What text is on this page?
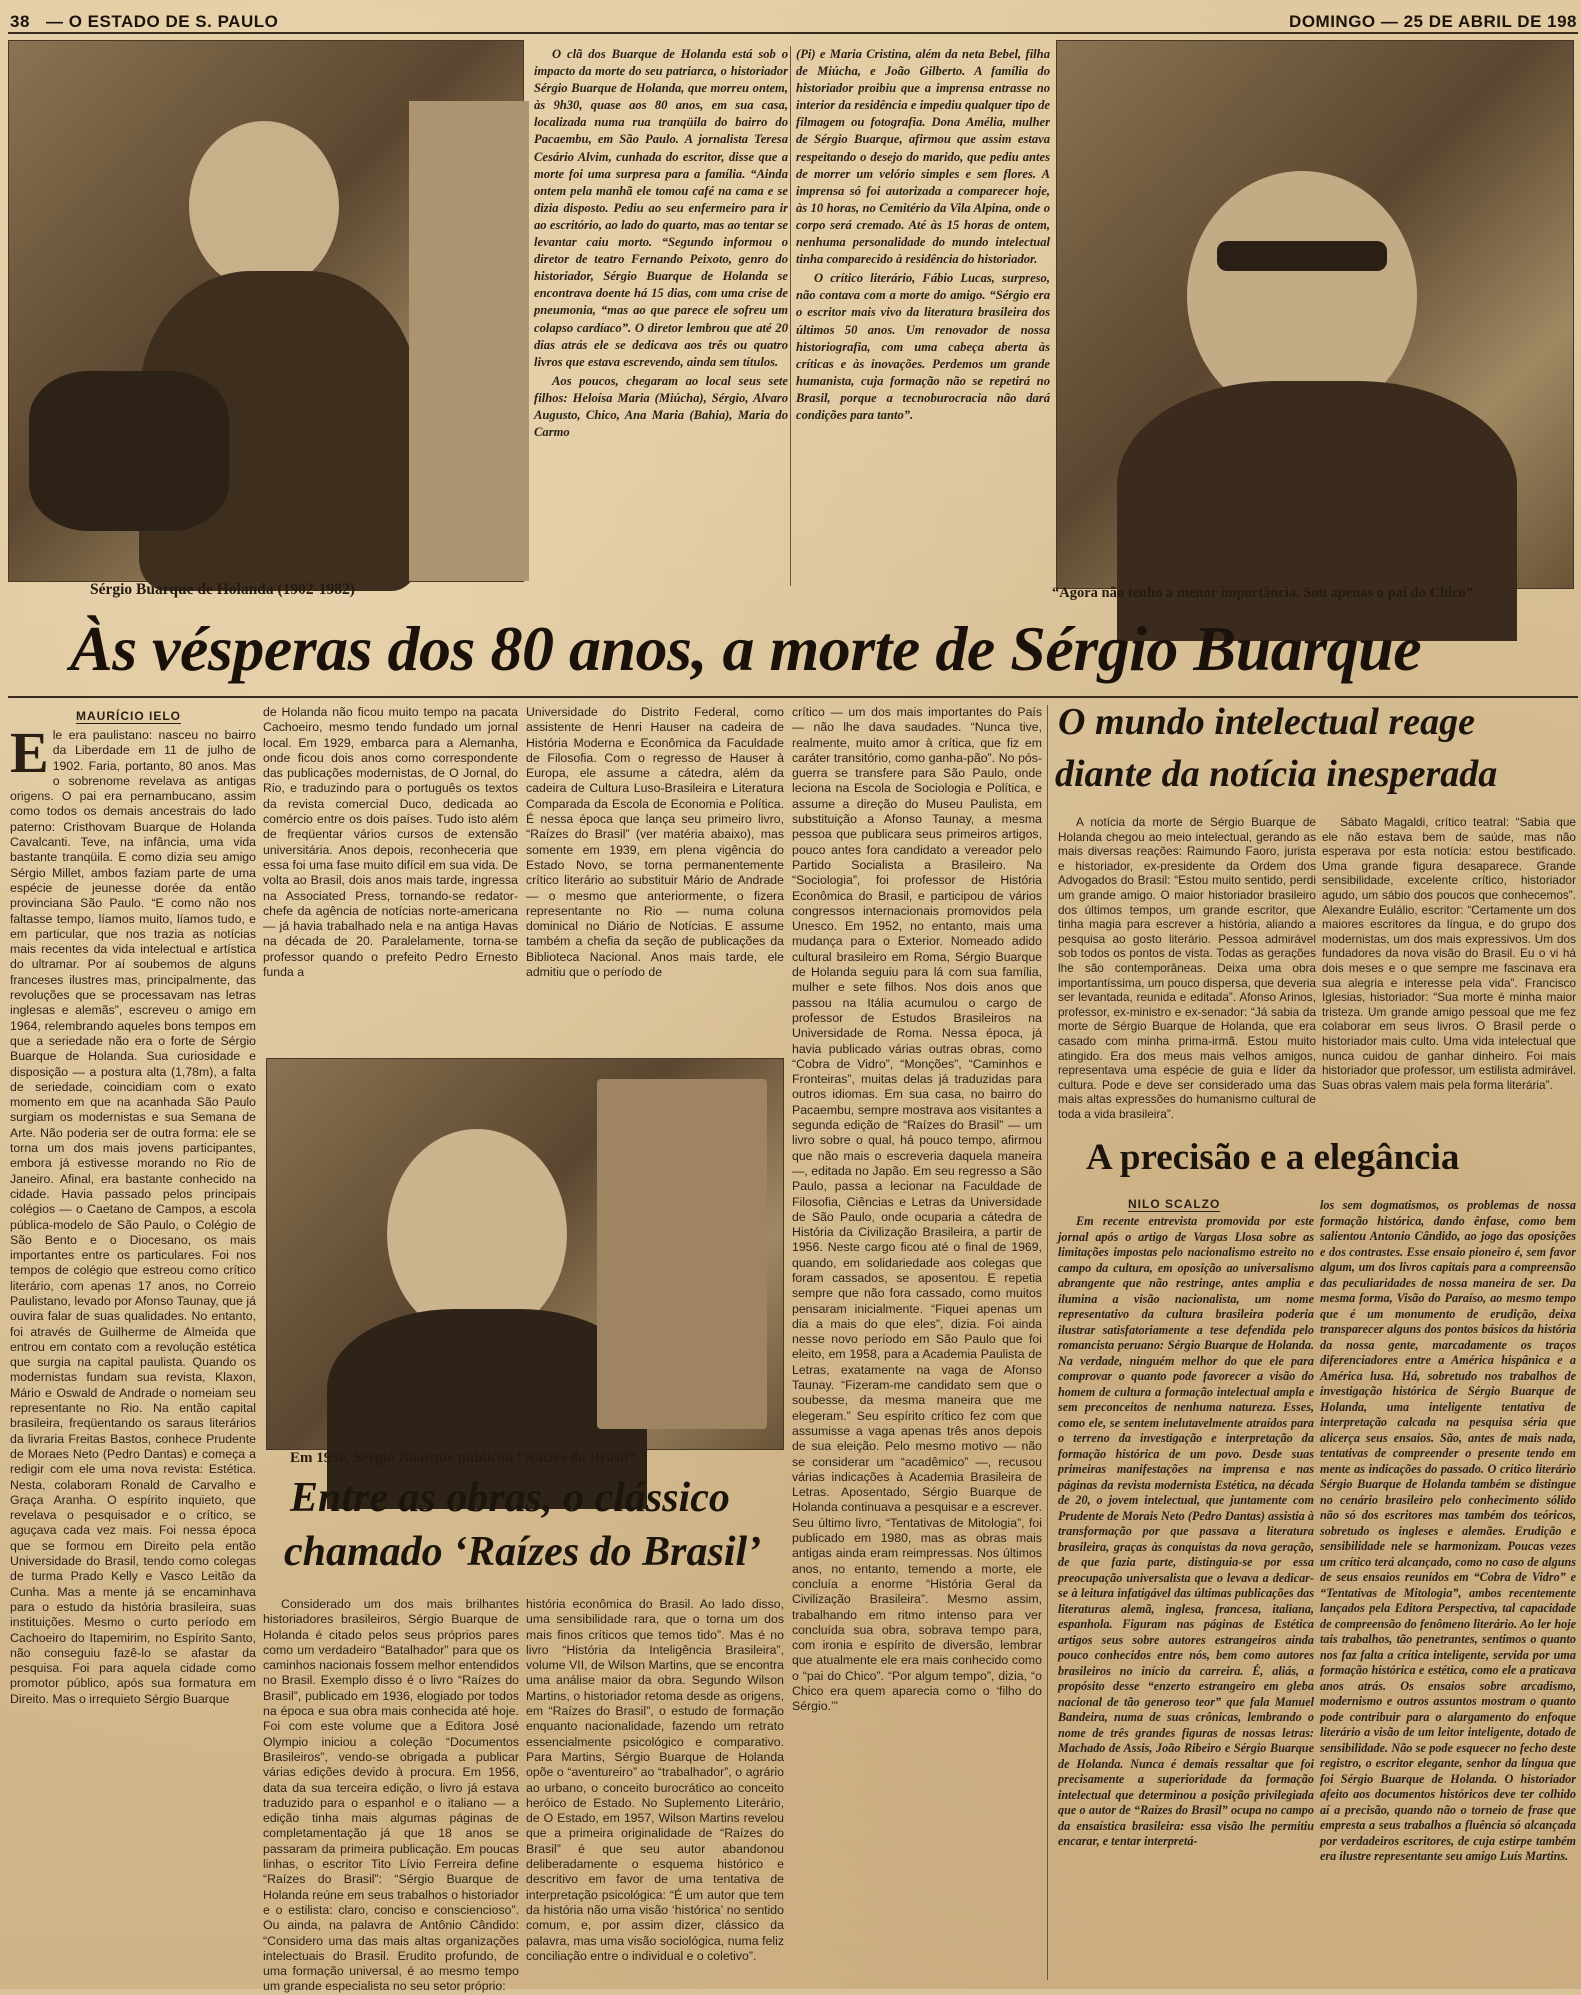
38 — O ESTADO DE S. PAULO	DOMINGO — 25 DE ABRIL DE 198
Sérgio Buarque de Holanda (1902-1982)

O clã dos Buarque de Holanda está sob o impacto da morte do seu patriarca, o historiador Sérgio Buarque de Holanda, que morreu ontem, às 9h30, quase aos 80 anos, em sua casa, localizada numa rua tranqüila do bairro do Pacaembu, em São Paulo. A jornalista Teresa Cesário Alvim, cunhada do escritor, disse que a morte foi uma surpresa para a família. “Ainda ontem pela manhã ele tomou café na cama e se dizia disposto. Pediu ao seu enfermeiro para ir ao escritório, ao lado do quarto, mas ao tentar se levantar caiu morto. “Segundo informou o diretor de teatro Fernando Peixoto, genro do historiador, Sérgio Buarque de Holanda se encontrava doente há 15 dias, com uma crise de pneumonia, “mas ao que parece ele sofreu um colapso cardíaco”. O diretor lembrou que até 20 dias atrás ele se dedicava aos três ou quatro livros que estava escrevendo, ainda sem títulos.

Aos poucos, chegaram ao local seus sete filhos: Heloísa Maria (Miúcha), Sérgio, Alvaro Augusto, Chico, Ana Maria (Bahia), Maria do Carmo

(Pi) e Maria Cristina, além da neta Bebel, filha de Miúcha, e João Gilberto. A família do historiador proibiu que a imprensa entrasse no interior da residência e impediu qualquer tipo de filmagem ou fotografia. Dona Amélia, mulher de Sérgio Buarque, afirmou que assim estava respeitando o desejo do marido, que pediu antes de morrer um velório simples e sem flores. A imprensa só foi autorizada a comparecer hoje, às 10 horas, no Cemitério da Vila Alpina, onde o corpo será cremado. Até às 15 horas de ontem, nenhuma personalidade do mundo intelectual tinha comparecido à residência do historiador.

O crítico literário, Fábio Lucas, surpreso, não contava com a morte do amigo. “Sérgio era o escritor mais vivo da literatura brasileira dos últimos 50 anos. Um renovador de nossa historiografia, com uma cabeça aberta às críticas e às inovações. Perdemos um grande humanista, cuja formação não se repetirá no Brasil, porque a tecnoburocracia não dará condições para tanto”.

“Agora não tenho a menor importância. Sou apenas o pai do Chico”
Às vésperas dos 80 anos, a morte de Sérgio Buarque
MAURÍCIO IELO
E le era paulistano: nasceu no bairro da Liberdade em 11 de julho de 1902. Faria, portanto, 80 anos. Mas o sobrenome revelava as antigas origens. O pai era pernambucano, assim como todos os demais ancestrais do lado paterno: Cristhovam Buarque de Holanda Cavalcanti. Teve, na infância, uma vida bastante tranqüila. E como dizia seu amigo Sérgio Millet, ambos faziam parte de uma espécie de jeunesse dorée da então provinciana São Paulo. “E como não nos faltasse tempo, líamos muito, líamos tudo, e em particular, que nos trazia as notícias mais recentes da vida intelectual e artística do ultramar. Por aí soubemos de alguns franceses ilustres mas, principalmente, das revoluções que se processavam nas letras inglesas e alemãs”, escreveu o amigo em 1964, relembrando aqueles bons tempos em que a seriedade não era o forte de Sérgio Buarque de Holanda. Sua curiosidade e disposição — a postura alta (1,78m), a falta de seriedade, coincidiam com o exato momento em que na acanhada São Paulo surgiam os modernistas e sua Semana de Arte. Não poderia ser de outra forma: ele se torna um dos mais jovens participantes, embora já estivesse morando no Rio de Janeiro. Afinal, era bastante conhecido na cidade. Havia passado pelos principais colégios — o Caetano de Campos, a escola pública-modelo de São Paulo, o Colégio de São Bento e o Diocesano, os mais importantes entre os particulares. Foi nos tempos de colégio que estreou como crítico literário, com apenas 17 anos, no Correio Paulistano, levado por Afonso Taunay, que já ouvira falar de suas qualidades. No entanto, foi através de Guilherme de Almeida que entrou em contato com a revolução estética que surgia na capital paulista. Quando os modernistas fundam sua revista, Klaxon, Mário e Oswald de Andrade o nomeiam seu representante no Rio. Na então capital brasileira, freqüentando os saraus literários da livraria Freitas Bastos, conhece Prudente de Moraes Neto (Pedro Dantas) e começa a redigir com ele uma nova revista: Estética. Nesta, colaboram Ronald de Carvalho e Graça Aranha. O espírito inquieto, que revelava o pesquisador e o crítico, se aguçava cada vez mais. Foi nessa época que se formou em Direito pela então Universidade do Brasil, tendo como colegas de turma Prado Kelly e Vasco Leitão da Cunha. Mas a mente já se encaminhava para o estudo da história brasileira, suas instituições. Mesmo o curto período em Cachoeiro do Itapemirim, no Espírito Santo, não conseguiu fazê-lo se afastar da pesquisa. Foi para aquela cidade como promotor público, após sua formatura em Direito. Mas o irrequieto Sérgio Buarque

de Holanda não ficou muito tempo na pacata Cachoeiro, mesmo tendo fundado um jornal local. Em 1929, embarca para a Alemanha, onde ficou dois anos como correspondente das publicações modernistas, de O Jornal, do Rio, e traduzindo para o português os textos da revista comercial Duco, dedicada ao comércio entre os dois países. Tudo isto além de freqüentar vários cursos de extensão universitária. Anos depois, reconheceria que essa foi uma fase muito difícil em sua vida. De volta ao Brasil, dois anos mais tarde, ingressa na Associated Press, tornando-se redator-chefe da agência de notícias norte-americana — já havia trabalhado nela e na antiga Havas na década de 20. Paralelamente, torna-se professor quando o prefeito Pedro Ernesto funda a

Universidade do Distrito Federal, como assistente de Henri Hauser na cadeira de História Moderna e Econômica da Faculdade de Filosofia. Com o regresso de Hauser à Europa, ele assume a cátedra, além da cadeira de Cultura Luso-Brasileira e Literatura Comparada da Escola de Economia e Política. É nessa época que lança seu primeiro livro, “Raízes do Brasil” (ver matéria abaixo), mas somente em 1939, em plena vigência do Estado Novo, se torna permanentemente crítico literário ao substituir Mário de Andrade — o mesmo que anteriormente, o fizera representante no Rio — numa coluna dominical no Diário de Notícias. E assume também a chefia da seção de publicações da Biblioteca Nacional. Anos mais tarde, ele admitiu que o período de

crítico — um dos mais importantes do País — não lhe dava saudades. “Nunca tive, realmente, muito amor à crítica, que fiz em caráter transitório, como ganha-pão”. No pós-guerra se transfere para São Paulo, onde leciona na Escola de Sociologia e Política, e assume a direção do Museu Paulista, em substituição a Afonso Taunay, a mesma pessoa que publicara seus primeiros artigos, pouco antes fora candidato a vereador pelo Partido Socialista a Brasileiro. Na “Sociologia”, foi professor de História Econômica do Brasil, e participou de vários congressos internacionais promovidos pela Unesco. Em 1952, no entanto, mais uma mudança para o Exterior. Nomeado adido cultural brasileiro em Roma, Sérgio Buarque de Holanda seguiu para lá com sua família, mulher e sete filhos. Nos dois anos que passou na Itália acumulou o cargo de professor de Estudos Brasileiros na Universidade de Roma. Nessa época, já havia publicado várias outras obras, como “Cobra de Vidro”, “Monções”, “Caminhos e Fronteiras”, muitas delas já traduzidas para outros idiomas. Em sua casa, no bairro do Pacaembu, sempre mostrava aos visitantes a segunda edição de “Raízes do Brasil” — um livro sobre o qual, há pouco tempo, afirmou que não mais o escreveria daquela maneira —, editada no Japão. Em seu regresso a São Paulo, passa a lecionar na Faculdade de Filosofia, Ciências e Letras da Universidade de São Paulo, onde ocuparia a cátedra de História da Civilização Brasileira, a partir de 1956. Neste cargo ficou até o final de 1969, quando, em solidariedade aos colegas que foram cassados, se aposentou. E repetia sempre que não fora cassado, como muitos pensaram inicialmente. “Fiquei apenas um dia a mais do que eles”, dizia. Foi ainda nesse novo período em São Paulo que foi eleito, em 1958, para a Academia Paulista de Letras, exatamente na vaga de Afonso Taunay. “Fizeram-me candidato sem que o soubesse, da mesma maneira que me elegeram.” Seu espírito crítico fez com que assumisse a vaga apenas três anos depois de sua eleição. Pelo mesmo motivo — não se considerar um “acadêmico” —, recusou várias indicações à Academia Brasileira de Letras. Aposentado, Sérgio Buarque de Holanda continuava a pesquisar e a escrever. Seu último livro, “Tentativas de Mitologia”, foi publicado em 1980, mas as obras mais antigas ainda eram reimpressas. Nos últimos anos, no entanto, temendo a morte, ele concluía a enorme “História Geral da Civilização Brasileira”. Mesmo assim, trabalhando em ritmo intenso para ver concluída sua obra, sobrava tempo para, com ironia e espírito de diversão, lembrar que atualmente ele era mais conhecido como o “pai do Chico”. “Por algum tempo”, dizia, “o Chico era quem aparecia como o ‘filho do Sérgio.’”

Em 1936, Sérgio Buarque publicou “Raízes do Brasil”
Entre as obras, o clássico
chamado ‘Raízes do Brasil’

Considerado um dos mais brilhantes historiadores brasileiros, Sérgio Buarque de Holanda é citado pelos seus próprios pares como um verdadeiro “Batalhador” para que os caminhos nacionais fossem melhor entendidos no Brasil. Exemplo disso é o livro “Raízes do Brasil”, publicado em 1936, elogiado por todos na época e sua obra mais conhecida até hoje. Foi com este volume que a Editora José Olympio iniciou a coleção “Documentos Brasileiros”, vendo-se obrigada a publicar várias edições devido à procura. Em 1956, data da sua terceira edição, o livro já estava traduzido para o espanhol e o italiano — a edição tinha mais algumas páginas de completamentação já que 18 anos se passaram da primeira publicação. Em poucas linhas, o escritor Tito Lívio Ferreira define “Raízes do Brasil”: “Sérgio Buarque de Holanda reúne em seus trabalhos o historiador e o estilista: claro, conciso e consciencioso”. Ou ainda, na palavra de Antônio Cândido: “Considero uma das mais altas organizações intelectuais do Brasil. Erudito profundo, de uma formação universal, é ao mesmo tempo um grande especialista no seu setor próprio:

história econômica do Brasil. Ao lado disso, uma sensibilidade rara, que o torna um dos mais finos críticos que temos tido”. Mas é no livro “História da Inteligência Brasileira”, volume VII, de Wilson Martins, que se encontra uma análise maior da obra. Segundo Wilson Martins, o historiador retoma desde as origens, em “Raízes do Brasil”, o estudo de formação enquanto nacionalidade, fazendo um retrato essencialmente psicológico e comparativo. Para Martins, Sérgio Buarque de Holanda opõe o “aventureiro” ao “trabalhador”, o agrário ao urbano, o conceito burocrático ao conceito heróico de Estado. No Suplemento Literário, de O Estado, em 1957, Wilson Martins revelou que a primeira originalidade de “Raízes do Brasil” é que seu autor abandonou deliberadamente o esquema histórico e descritivo em favor de uma tentativa de interpretação psicológica: “É um autor que tem da história não uma visão ‘histórica’ no sentido comum, e, por assim dizer, clássico da palavra, mas uma visão sociológica, numa feliz conciliação entre o individual e o coletivo”.

O mundo intelectual reage
diante da notícia inesperada

A notícia da morte de Sérgio Buarque de Holanda chegou ao meio intelectual, gerando as mais diversas reações: Raimundo Faoro, jurista e historiador, ex-presidente da Ordem dos Advogados do Brasil: “Estou muito sentido, perdi um grande amigo. O maior historiador brasileiro dos últimos tempos, um grande escritor, que tinha magia para escrever a história, aliando a pesquisa ao gosto literário. Pessoa admirável sob todos os pontos de vista. Todas as gerações lhe são contemporâneas. Deixa uma obra importantíssima, um pouco dispersa, que deveria ser levantada, reunida e editada”. Afonso Arinos, professor, ex-ministro e ex-senador: “Já sabia da morte de Sérgio Buarque de Holanda, que era casado com minha prima-irmã. Estou muito atingido. Era dos meus mais velhos amigos, representava uma espécie de guia e líder da cultura. Pode e deve ser considerado uma das mais altas expressões do humanismo cultural de toda a vida brasileira”.

Sábato Magaldi, crítico teatral: “Sabia que ele não estava bem de saúde, mas não esperava por esta notícia: estou bestificado. Uma grande figura desaparece. Grande sensibilidade, excelente crítico, historiador agudo, um sábio dos poucos que conhecemos”. Alexandre Eulálio, escritor: “Certamente um dos maiores escritores da língua, e do grupo dos modernistas, um dos mais expressivos. Um dos fundadores da nova visão do Brasil. Eu o vi há dois meses e o que sempre me fascinava era sua alegria e interesse pela vida”. Francisco Iglesias, historiador: “Sua morte é minha maior tristeza. Um grande amigo pessoal que me fez colaborar em seus livros. O Brasil perde o historiador mais culto. Uma vida intelectual que nunca cuidou de ganhar dinheiro. Foi mais historiador que professor, um estilista admirável. Suas obras valem mais pela forma literária”.

A precisão e a elegância
NILO SCALZO

Em recente entrevista promovida por este jornal após o artigo de Vargas Llosa sobre as limitações impostas pelo nacionalismo estreito no campo da cultura, em oposição ao universalismo abrangente que não restringe, antes amplia e ilumina a visão nacionalista, um nome representativo da cultura brasileira poderia ilustrar satisfatoriamente a tese defendida pelo romancista peruano: Sérgio Buarque de Holanda. Na verdade, ninguém melhor do que ele para comprovar o quanto pode favorecer a visão do homem de cultura a formação intelectual ampla e sem preconceitos de nenhuma natureza. Esses, como ele, se sentem inelutavelmente atraídos para o terreno da investigação e interpretação da formação histórica de um povo. Desde suas primeiras manifestações na imprensa e nas páginas da revista modernista Estética, na década de 20, o jovem intelectual, que juntamente com Prudente de Morais Neto (Pedro Dantas) assistia à transformação por que passava a literatura brasileira, graças às conquistas da nova geração, de que fazia parte, distinguia-se por essa preocupação universalista que o levava a dedicar-se à leitura infatigável das últimas publicações das literaturas alemã, inglesa, francesa, italiana, espanhola. Figuram nas páginas de Estética artigos seus sobre autores estrangeiros ainda pouco conhecidos entre nós, bem como autores brasileiros no início da carreira. É, aliás, a propósito desse “enzerto estrangeiro em gleba nacional de tão generoso teor” que fala Manuel Bandeira, numa de suas crônicas, lembrando o nome de três grandes figuras de nossas letras: Machado de Assis, João Ribeiro e Sérgio Buarque de Holanda. Nunca é demais ressaltar que foi precisamente a superioridade da formação intelectual que determinou a posição privilegiada que o autor de “Raízes do Brasil” ocupa no campo da ensaística brasileira: essa visão lhe permitiu encarar, e tentar interpretá-

los sem dogmatismos, os problemas de nossa formação histórica, dando ênfase, como bem salientou Antonio Cândido, ao jogo das oposições e dos contrastes. Esse ensaio pioneiro é, sem favor algum, um dos livros capitais para a compreensão das peculiaridades de nossa maneira de ser. Da mesma forma, Visão do Paraíso, ao mesmo tempo que é um monumento de erudição, deixa transparecer alguns dos pontos básicos da história da nossa gente, marcadamente os traços diferenciadores entre a América hispânica e a América lusa. Há, sobretudo nos trabalhos de investigação histórica de Sérgio Buarque de Holanda, uma inteligente tentativa de interpretação calcada na pesquisa séria que alicerça seus ensaios. São, antes de mais nada, tentativas de compreender o presente tendo em mente as indicações do passado. O crítico literário Sérgio Buarque de Holanda também se distingue no cenário brasileiro pelo conhecimento sólido não só dos escritores mas também dos teóricos, sobretudo os ingleses e alemães. Erudição e sensibilidade nele se harmonizam. Poucas vezes um crítico terá alcançado, como no caso de alguns de seus ensaios reunidos em “Cobra de Vidro” e “Tentativas de Mitologia”, ambos recentemente lançados pela Editora Perspectiva, tal capacidade de compreensão do fenômeno literário. Ao ler hoje tais trabalhos, tão penetrantes, sentimos o quanto nos faz falta a crítica inteligente, servida por uma formação histórica e estética, como ele a praticava anos atrás. Os ensaios sobre arcadismo, modernismo e outros assuntos mostram o quanto pode contribuir para o alargamento do enfoque literário a visão de um leitor inteligente, dotado de sensibilidade. Não se pode esquecer no fecho deste registro, o escritor elegante, senhor da língua que foi Sérgio Buarque de Holanda. O historiador afeito aos documentos históricos deve ter colhido aí a precisão, quando não o torneio de frase que empresta a seus trabalhos a fluência só alcançada por verdadeiros escritores, de cuja estirpe também era ilustre representante seu amigo Luís Martins.
